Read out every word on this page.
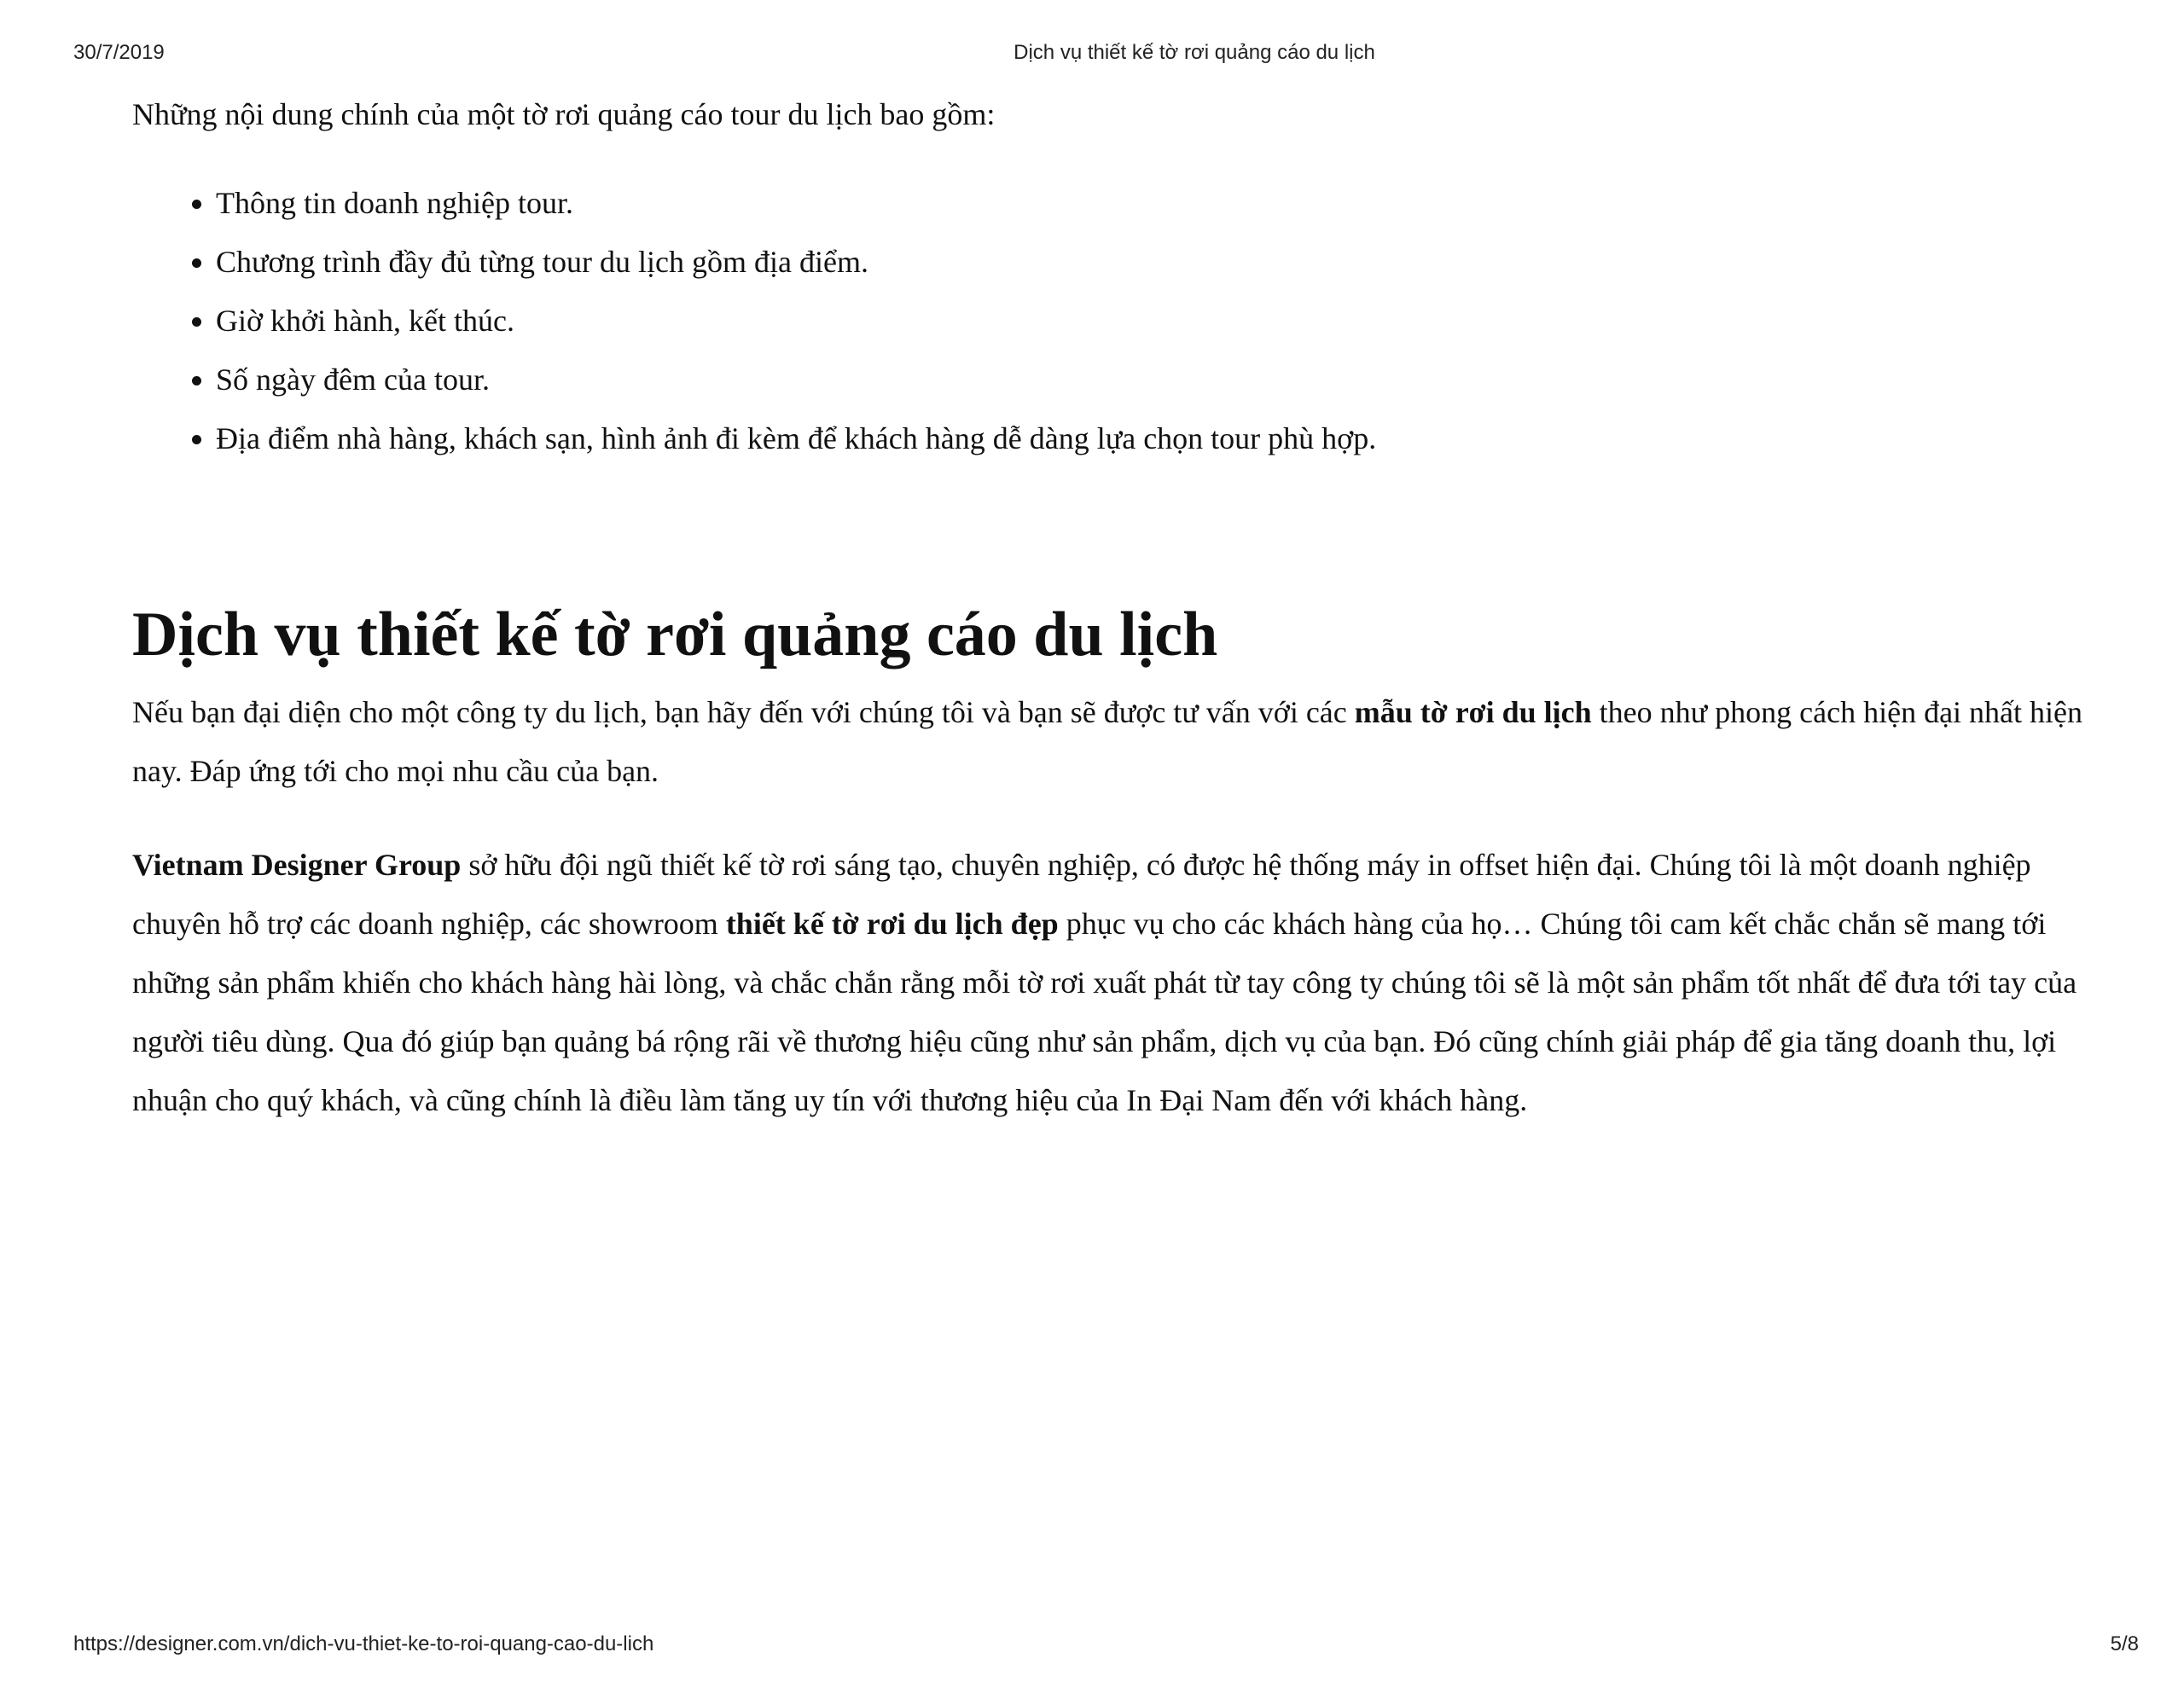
30/7/2019	Dịch vụ thiết kế tờ rơi quảng cáo du lịch

Những nội dung chính của một tờ rơi quảng cáo tour du lịch bao gồm:

• Thông tin doanh nghiệp tour.
• Chương trình đầy đủ từng tour du lịch gồm địa điểm.
• Giờ khởi hành, kết thúc.
• Số ngày đêm của tour.
• Địa điểm nhà hàng, khách sạn, hình ảnh đi kèm để khách hàng dễ dàng lựa chọn tour phù hợp.
Dịch vụ thiết kế tờ rơi quảng cáo du lịch

Nếu bạn đại diện cho một công ty du lịch, bạn hãy đến với chúng tôi và bạn sẽ được tư vấn với các mẫu tờ rơi du lịch theo như phong cách hiện đại nhất hiện nay. Đáp ứng tới cho mọi nhu cầu của bạn.

Vietnam Designer Group sở hữu đội ngũ thiết kế tờ rơi sáng tạo, chuyên nghiệp, có được hệ thống máy in offset hiện đại. Chúng tôi là một doanh nghiệp chuyên hỗ trợ các doanh nghiệp, các showroom thiết kế tờ rơi du lịch đẹp phục vụ cho các khách hàng của họ… Chúng tôi cam kết chắc chắn sẽ mang tới những sản phẩm khiến cho khách hàng hài lòng, và chắc chắn rằng mỗi tờ rơi xuất phát từ tay công ty chúng tôi sẽ là một sản phẩm tốt nhất để đưa tới tay của người tiêu dùng. Qua đó giúp bạn quảng bá rộng rãi về thương hiệu cũng như sản phẩm, dịch vụ của bạn. Đó cũng chính giải pháp để gia tăng doanh thu, lợi nhuận cho quý khách, và cũng chính là điều làm tăng uy tín với thương hiệu của In Đại Nam đến với khách hàng.

https://designer.com.vn/dich-vu-thiet-ke-to-roi-quang-cao-du-lich	5/8
